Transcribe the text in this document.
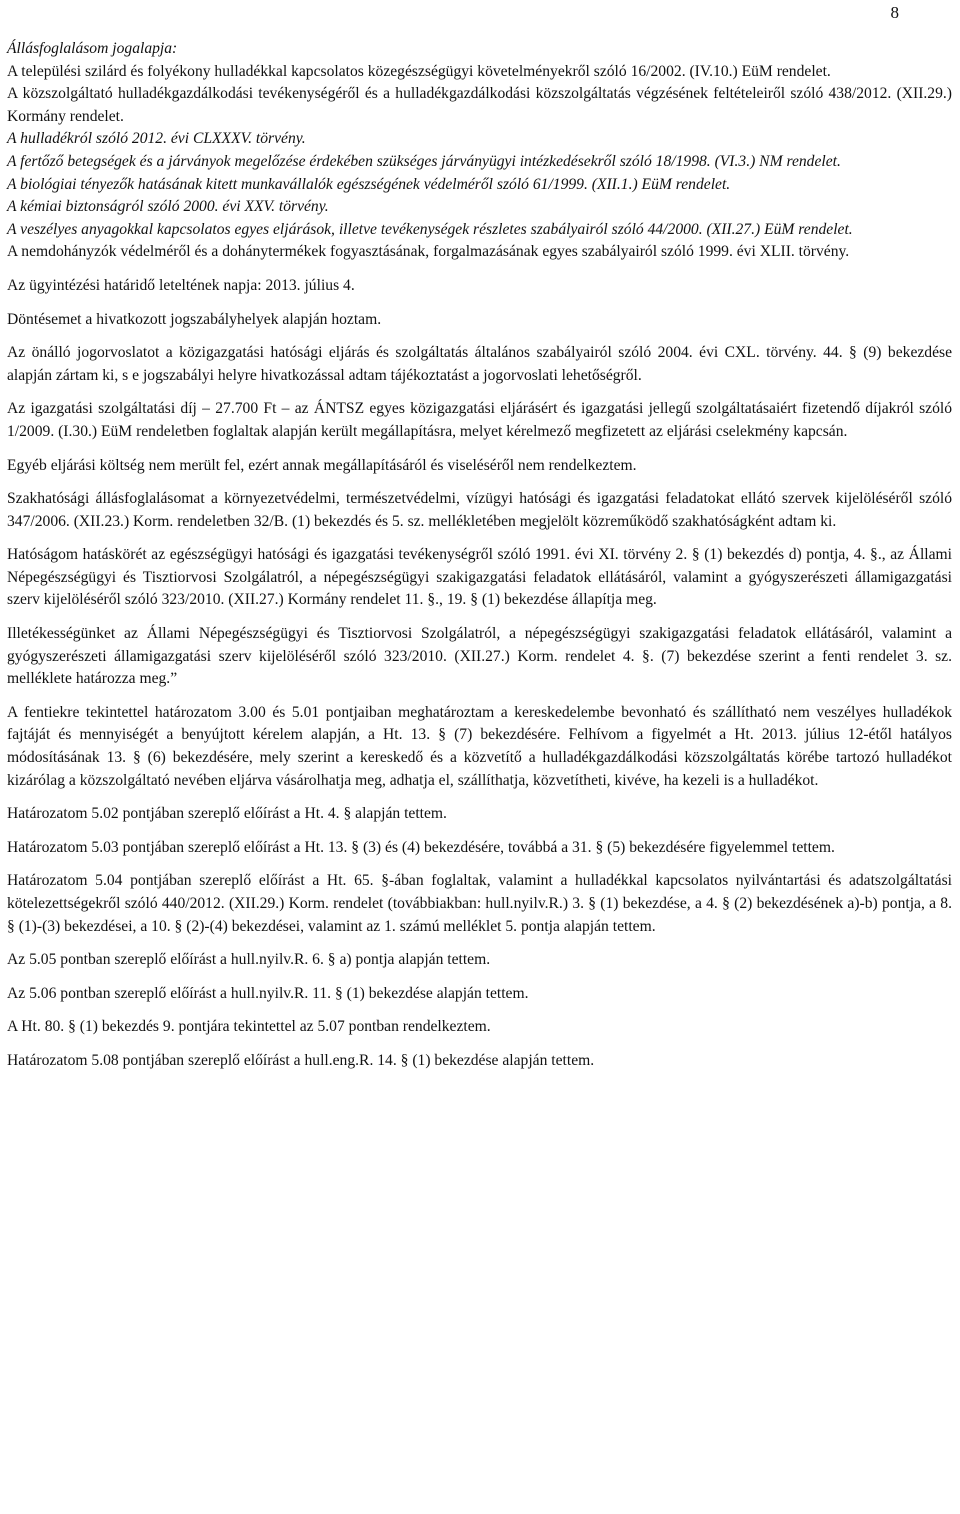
8

Állásfoglalásom jogalapja:

A települési szilárd és folyékony hulladékkal kapcsolatos közegészségügyi követelményekről szóló 16/2002. (IV.10.) EüM rendelet.

A közszolgáltató hulladékgazdálkodási tevékenységéről és a hulladékgazdálkodási közszolgáltatás végzésének feltételeiről szóló 438/2012. (XII.29.) Kormány rendelet.

A hulladékról szóló 2012. évi CLXXXV. törvény.

A fertőző betegségek és a járványok megelőzése érdekében szükséges járványügyi intézkedésekről szóló 18/1998. (VI.3.) NM rendelet.

A biológiai tényezők hatásának kitett munkavállalók egészségének védelméről szóló 61/1999. (XII.1.) EüM rendelet.

A kémiai biztonságról szóló 2000. évi XXV. törvény.

A veszélyes anyagokkal kapcsolatos egyes eljárások, illetve tevékenységek részletes szabályairól szóló 44/2000. (XII.27.) EüM rendelet.

A nemdohányzók védelméről és a dohánytermékek fogyasztásának, forgalmazásának egyes szabályairól szóló 1999. évi XLII. törvény.

Az ügyintézési határidő leteltének napja: 2013. július 4.

Döntésemet a hivatkozott jogszabályhelyek alapján hoztam.

Az önálló jogorvoslatot a közigazgatási hatósági eljárás és szolgáltatás általános szabályairól szóló 2004. évi CXL. törvény. 44. § (9) bekezdése alapján zártam ki, s e jogszabályi helyre hivatkozással adtam tájékoztatást a jogorvoslati lehetőségről.

Az igazgatási szolgáltatási díj – 27.700 Ft – az ÁNTSZ egyes közigazgatási eljárásért és igazgatási jellegű szolgáltatásaiért fizetendő díjakról szóló 1/2009. (I.30.) EüM rendeletben foglaltak alapján került megállapításra, melyet kérelmező megfizetett az eljárási cselekmény kapcsán.

Egyéb eljárási költség nem merült fel, ezért annak megállapításáról és viseléséről nem rendelkeztem.

Szakhatósági állásfoglalásomat a környezetvédelmi, természetvédelmi, vízügyi hatósági és igazgatási feladatokat ellátó szervek kijelöléséről szóló 347/2006. (XII.23.) Korm. rendeletben 32/B. (1) bekezdés és 5. sz. mellékletében megjelölt közreműködő szakhatóságként adtam ki.

Hatóságom hatáskörét az egészségügyi hatósági és igazgatási tevékenységről szóló 1991. évi XI. törvény 2. § (1) bekezdés d) pontja, 4. §., az Állami Népegészségügyi és Tisztiorvosi Szolgálatról, a népegészségügyi szakigazgatási feladatok ellátásáról, valamint a gyógyszerészeti államigazgatási szerv kijelöléséről szóló 323/2010. (XII.27.) Kormány rendelet 11. §., 19. § (1) bekezdése állapítja meg.

Illetékességünket az Állami Népegészségügyi és Tisztiorvosi Szolgálatról, a népegészségügyi szakigazgatási feladatok ellátásáról, valamint a gyógyszerészeti államigazgatási szerv kijelöléséről szóló 323/2010. (XII.27.) Korm. rendelet 4. §. (7) bekezdése szerint a fenti rendelet 3. sz. melléklete határozza meg.”

A fentiekre tekintettel határozatom 3.00 és 5.01 pontjaiban meghatároztam a kereskedelembe bevonható és szállítható nem veszélyes hulladékok fajtáját és mennyiségét a benyújtott kérelem alapján, a Ht. 13. § (7) bekezdésére. Felhívom a figyelmét a Ht. 2013. július 12-étől hatályos módosításának 13. § (6) bekezdésére, mely szerint a kereskedő és a közvetítő a hulladékgazdálkodási közszolgáltatás körébe tartozó hulladékot kizárólag a közszolgáltató nevében eljárva vásárolhatja meg, adhatja el, szállíthatja, közvetítheti, kivéve, ha kezeli is a hulladékot.

Határozatom 5.02 pontjában szereplő előírást a Ht. 4. § alapján tettem.

Határozatom 5.03 pontjában szereplő előírást a Ht. 13. § (3) és (4) bekezdésére, továbbá a 31. § (5) bekezdésére figyelemmel tettem.

Határozatom 5.04 pontjában szereplő előírást a Ht. 65. §-ában foglaltak, valamint a hulladékkal kapcsolatos nyilvántartási és adatszolgáltatási kötelezettségekről szóló 440/2012. (XII.29.) Korm. rendelet (továbbiakban: hull.nyilv.R.) 3. § (1) bekezdése, a 4. § (2) bekezdésének a)-b) pontja, a 8. § (1)-(3) bekezdései, a 10. § (2)-(4) bekezdései, valamint az 1. számú melléklet 5. pontja alapján tettem.

Az 5.05 pontban szereplő előírást a hull.nyilv.R. 6. § a) pontja alapján tettem.

Az 5.06 pontban szereplő előírást a hull.nyilv.R. 11. § (1) bekezdése alapján tettem.

A Ht. 80. § (1) bekezdés 9. pontjára tekintettel az 5.07 pontban rendelkeztem.

Határozatom 5.08 pontjában szereplő előírást a hull.eng.R. 14. § (1) bekezdése alapján tettem.
